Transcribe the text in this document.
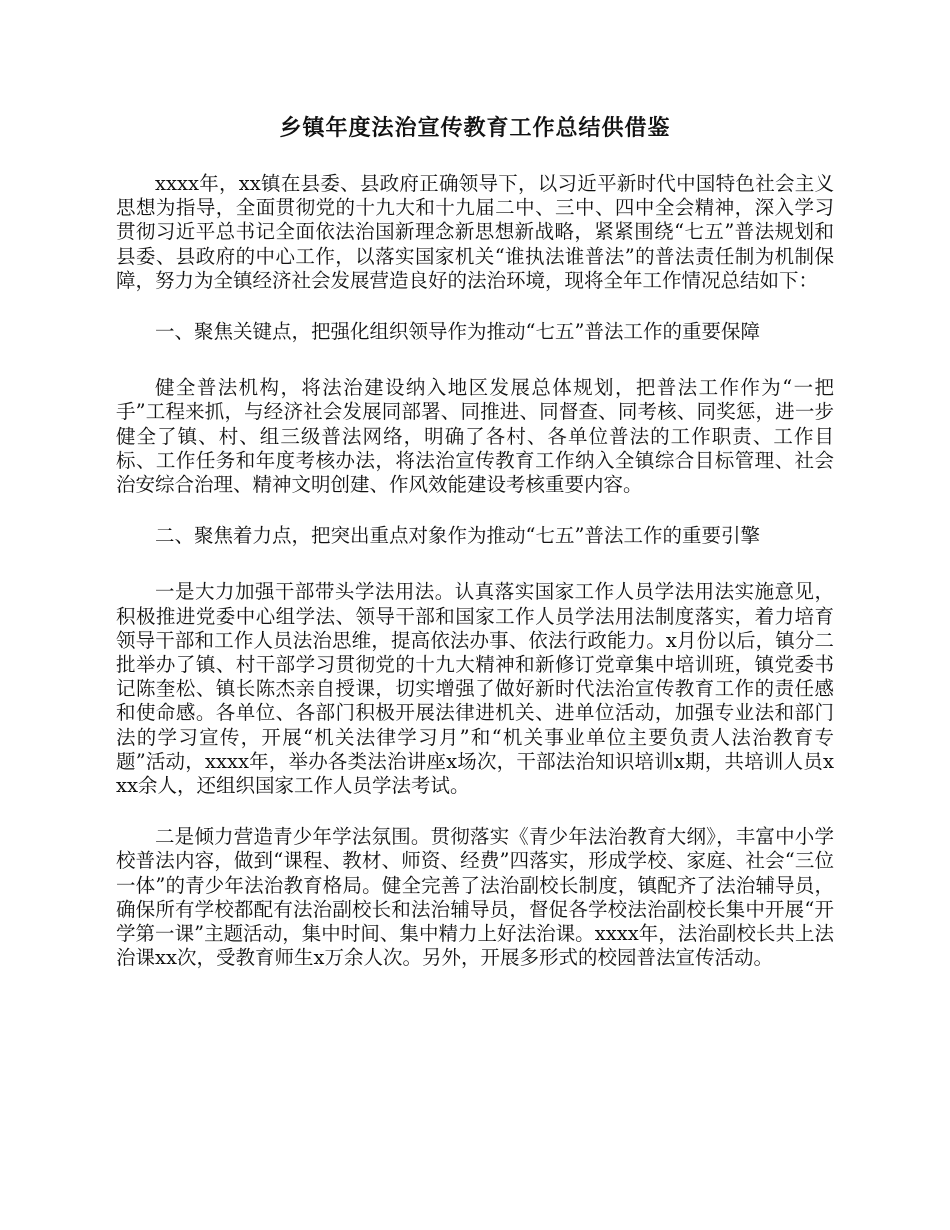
乡镇年度法治宣传教育工作总结供借鉴

xxxx年，xx镇在县委、县政府正确领导下，以习近平新时代中国特色社会主义思想为指导，全面贯彻党的十九大和十九届二中、三中、四中全会精神，深入学习贯彻习近平总书记全面依法治国新理念新思想新战略，紧紧围绕“七五”普法规划和县委、县政府的中心工作，以落实国家机关“谁执法谁普法”的普法责任制为机制保障，努力为全镇经济社会发展营造良好的法治环境，现将全年工作情况总结如下：

一、聚焦关键点，把强化组织领导作为推动“七五”普法工作的重要保障

健全普法机构，将法治建设纳入地区发展总体规划，把普法工作作为“一把手”工程来抓，与经济社会发展同部署、同推进、同督查、同考核、同奖惩，进一步健全了镇、村、组三级普法网络，明确了各村、各单位普法的工作职责、工作目标、工作任务和年度考核办法，将法治宣传教育工作纳入全镇综合目标管理、社会治安综合治理、精神文明创建、作风效能建设考核重要内容。

二、聚焦着力点，把突出重点对象作为推动“七五”普法工作的重要引擎

一是大力加强干部带头学法用法。认真落实国家工作人员学法用法实施意见，积极推进党委中心组学法、领导干部和国家工作人员学法用法制度落实，着力培育领导干部和工作人员法治思维，提高依法办事、依法行政能力。x月份以后，镇分二批举办了镇、村干部学习贯彻党的十九大精神和新修订党章集中培训班，镇党委书记陈奎松、镇长陈杰亲自授课，切实增强了做好新时代法治宣传教育工作的责任感和使命感。各单位、各部门积极开展法律进机关、进单位活动，加强专业法和部门法的学习宣传，开展“机关法律学习月”和“机关事业单位主要负责人法治教育专题”活动，xxxx年，举办各类法治讲座x场次，干部法治知识培训x期，共培训人员xxx余人，还组织国家工作人员学法考试。

二是倾力营造青少年学法氛围。贯彻落实《青少年法治教育大纲》，丰富中小学校普法内容，做到“课程、教材、师资、经费”四落实，形成学校、家庭、社会“三位一体”的青少年法治教育格局。健全完善了法治副校长制度，镇配齐了法治辅导员，确保所有学校都配有法治副校长和法治辅导员，督促各学校法治副校长集中开展“开学第一课”主题活动，集中时间、集中精力上好法治课。xxxx年，法治副校长共上法治课xx次，受教育师生x万余人次。另外，开展多形式的校园普法宣传活动。
